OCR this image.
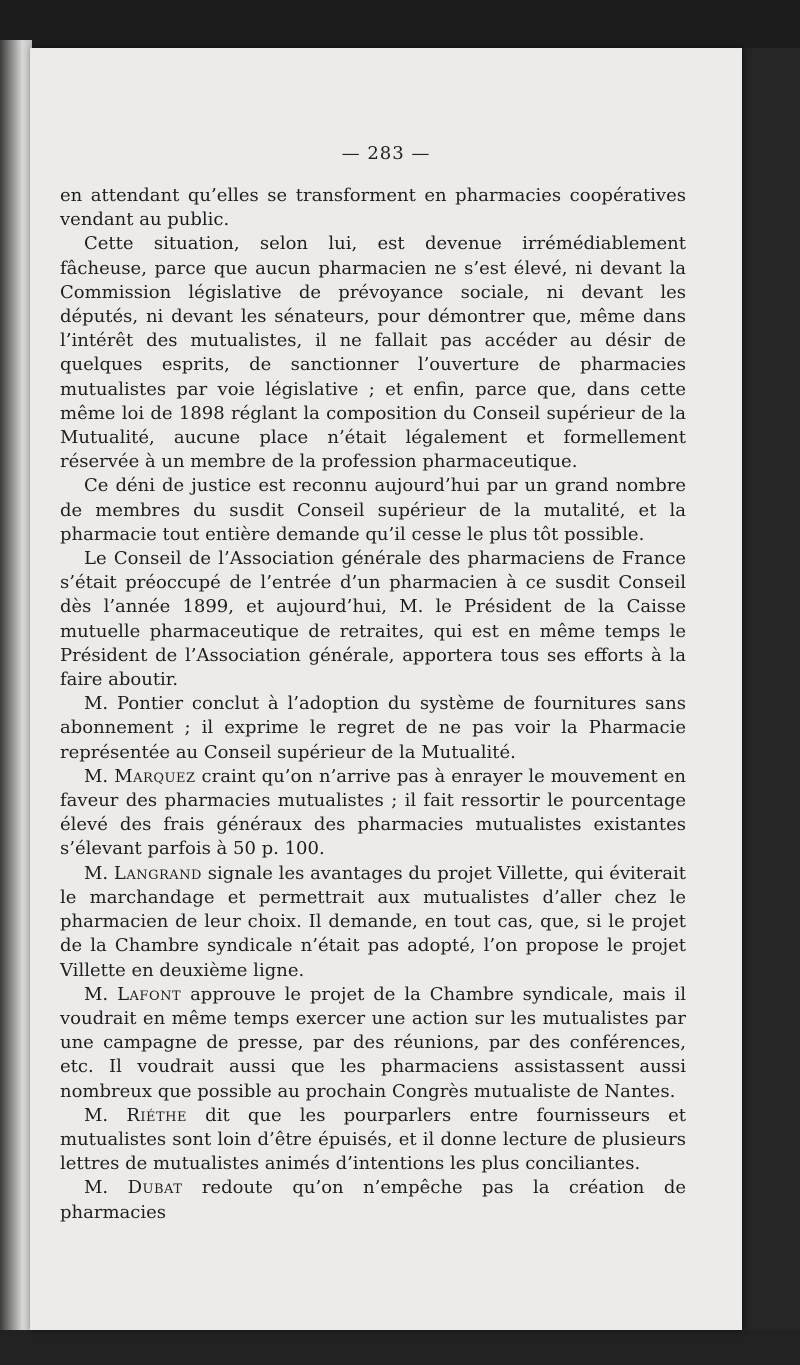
— 283 —

en attendant qu’elles se transforment en pharmacies coopératives vendant au public.

Cette situation, selon lui, est devenue irrémédiablement fâcheuse, parce que aucun pharmacien ne s’est élevé, ni devant la Commission législative de prévoyance sociale, ni devant les députés, ni devant les sénateurs, pour démontrer que, même dans l’intérêt des mutualistes, il ne fallait pas accéder au désir de quelques esprits, de sanctionner l’ouverture de pharmacies mutualistes par voie législative ; et enfin, parce que, dans cette même loi de 1898 réglant la composition du Conseil supérieur de la Mutualité, aucune place n’était légalement et formellement réservée à un membre de la profession pharmaceutique.

Ce déni de justice est reconnu aujourd’hui par un grand nombre de membres du susdit Conseil supérieur de la mutalité, et la pharmacie tout entière demande qu’il cesse le plus tôt possible.

Le Conseil de l’Association générale des pharmaciens de France s’était préoccupé de l’entrée d’un pharmacien à ce susdit Conseil dès l’année 1899, et aujourd’hui, M. le Président de la Caisse mutuelle pharmaceutique de retraites, qui est en même temps le Président de l’Association générale, apportera tous ses efforts à la faire aboutir.

M. Pontier conclut à l’adoption du système de fournitures sans abonnement ; il exprime le regret de ne pas voir la Pharmacie représentée au Conseil supérieur de la Mutualité.

M. Marquez craint qu’on n’arrive pas à enrayer le mouvement en faveur des pharmacies mutualistes ; il fait ressortir le pourcentage élevé des frais généraux des pharmacies mutualistes existantes s’élevant parfois à 50 p. 100.

M. Langrand signale les avantages du projet Villette, qui éviterait le marchandage et permettrait aux mutualistes d’aller chez le pharmacien de leur choix. Il demande, en tout cas, que, si le projet de la Chambre syndicale n’était pas adopté, l’on propose le projet Villette en deuxième ligne.

M. Lafont approuve le projet de la Chambre syndicale, mais il voudrait en même temps exercer une action sur les mutualistes par une campagne de presse, par des réunions, par des conférences, etc. Il voudrait aussi que les pharmaciens assistassent aussi nombreux que possible au prochain Congrès mutualiste de Nantes.

M. Riéthe dit que les pourparlers entre fournisseurs et mutualistes sont loin d’être épuisés, et il donne lecture de plusieurs lettres de mutualistes animés d’intentions les plus conciliantes.

M. Dubat redoute qu’on n’empêche pas la création de pharmacies
